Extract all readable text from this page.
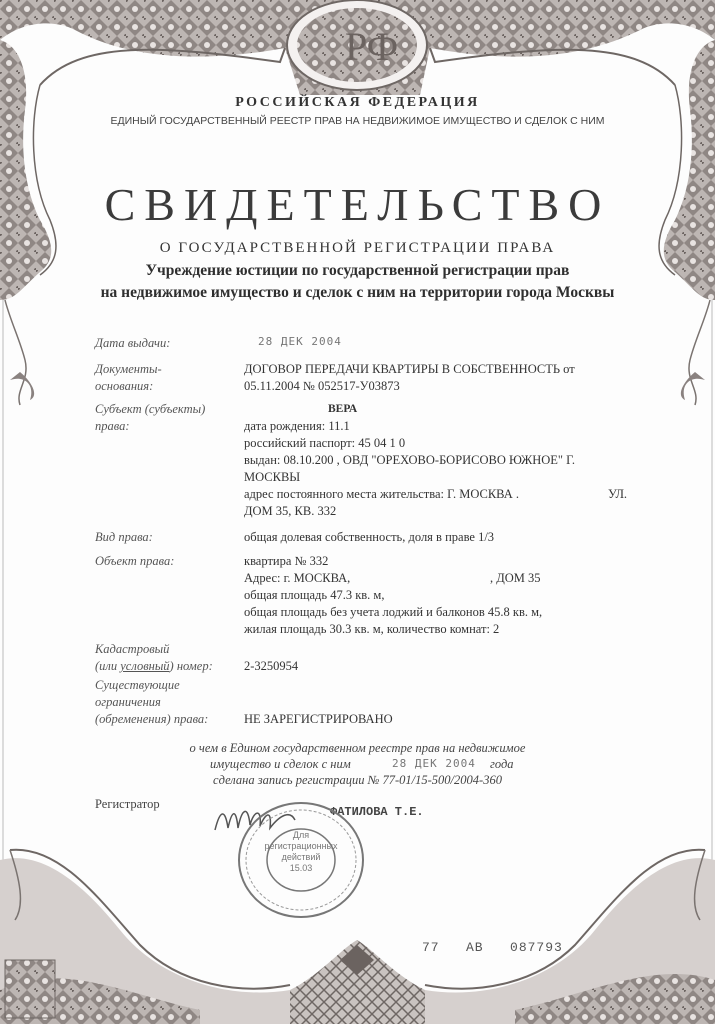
РФ
РОССИЙСКАЯ ФЕДЕРАЦИЯ
ЕДИНЫЙ ГОСУДАРСТВЕННЫЙ РЕЕСТР ПРАВ НА НЕДВИЖИМОЕ ИМУЩЕСТВО И СДЕЛОК С НИМ
СВИДЕТЕЛЬСТВО
О ГОСУДАРСТВЕННОЙ РЕГИСТРАЦИИ ПРАВА
Учреждение юстиции по государственной регистрации прав
на недвижимое имущество и сделок с ним на территории города Москвы
Дата выдачи:	28 ДЕК 2004
Документы-
основания:
ДОГОВОР ПЕРЕДАЧИ КВАРТИРЫ В СОБСТВЕННОСТЬ от
05.11.2004 № 052517-У03873
Субъект (субъекты)
права:
ВЕРА
дата рождения: 11.1
российский паспорт: 45 04 1 0
выдан: 08.10.200 , ОВД "ОРЕХОВО-БОРИСОВО ЮЖНОЕ" Г.
МОСКВЫ
адрес постоянного места жительства: Г. МОСКВА .	УЛ.
ДОМ 35, КВ. 332
Вид права:	общая долевая собственность, доля в праве 1/3
Объект права:	квартира № 332
Адрес: г. МОСКВА,	, ДОМ 35
общая площадь 47.3 кв. м,
общая площадь без учета лоджий и балконов 45.8 кв. м,
жилая площадь 30.3 кв. м, количество комнат: 2
Кадастровый
(или условный) номер:	2-3250954
Существующие
ограничения
(обременения) права:	НЕ ЗАРЕГИСТРИРОВАНО
о чем в Едином государственном реестре прав на недвижимое
имущество и сделок с ним	28 ДЕК 2004 года
сделана запись регистрации № 77-01/15-500/2004-360
Регистратор
ФАТИЛОВА Т.Е.
Для
регистрационных
действий
15.03
77   АВ   087793
